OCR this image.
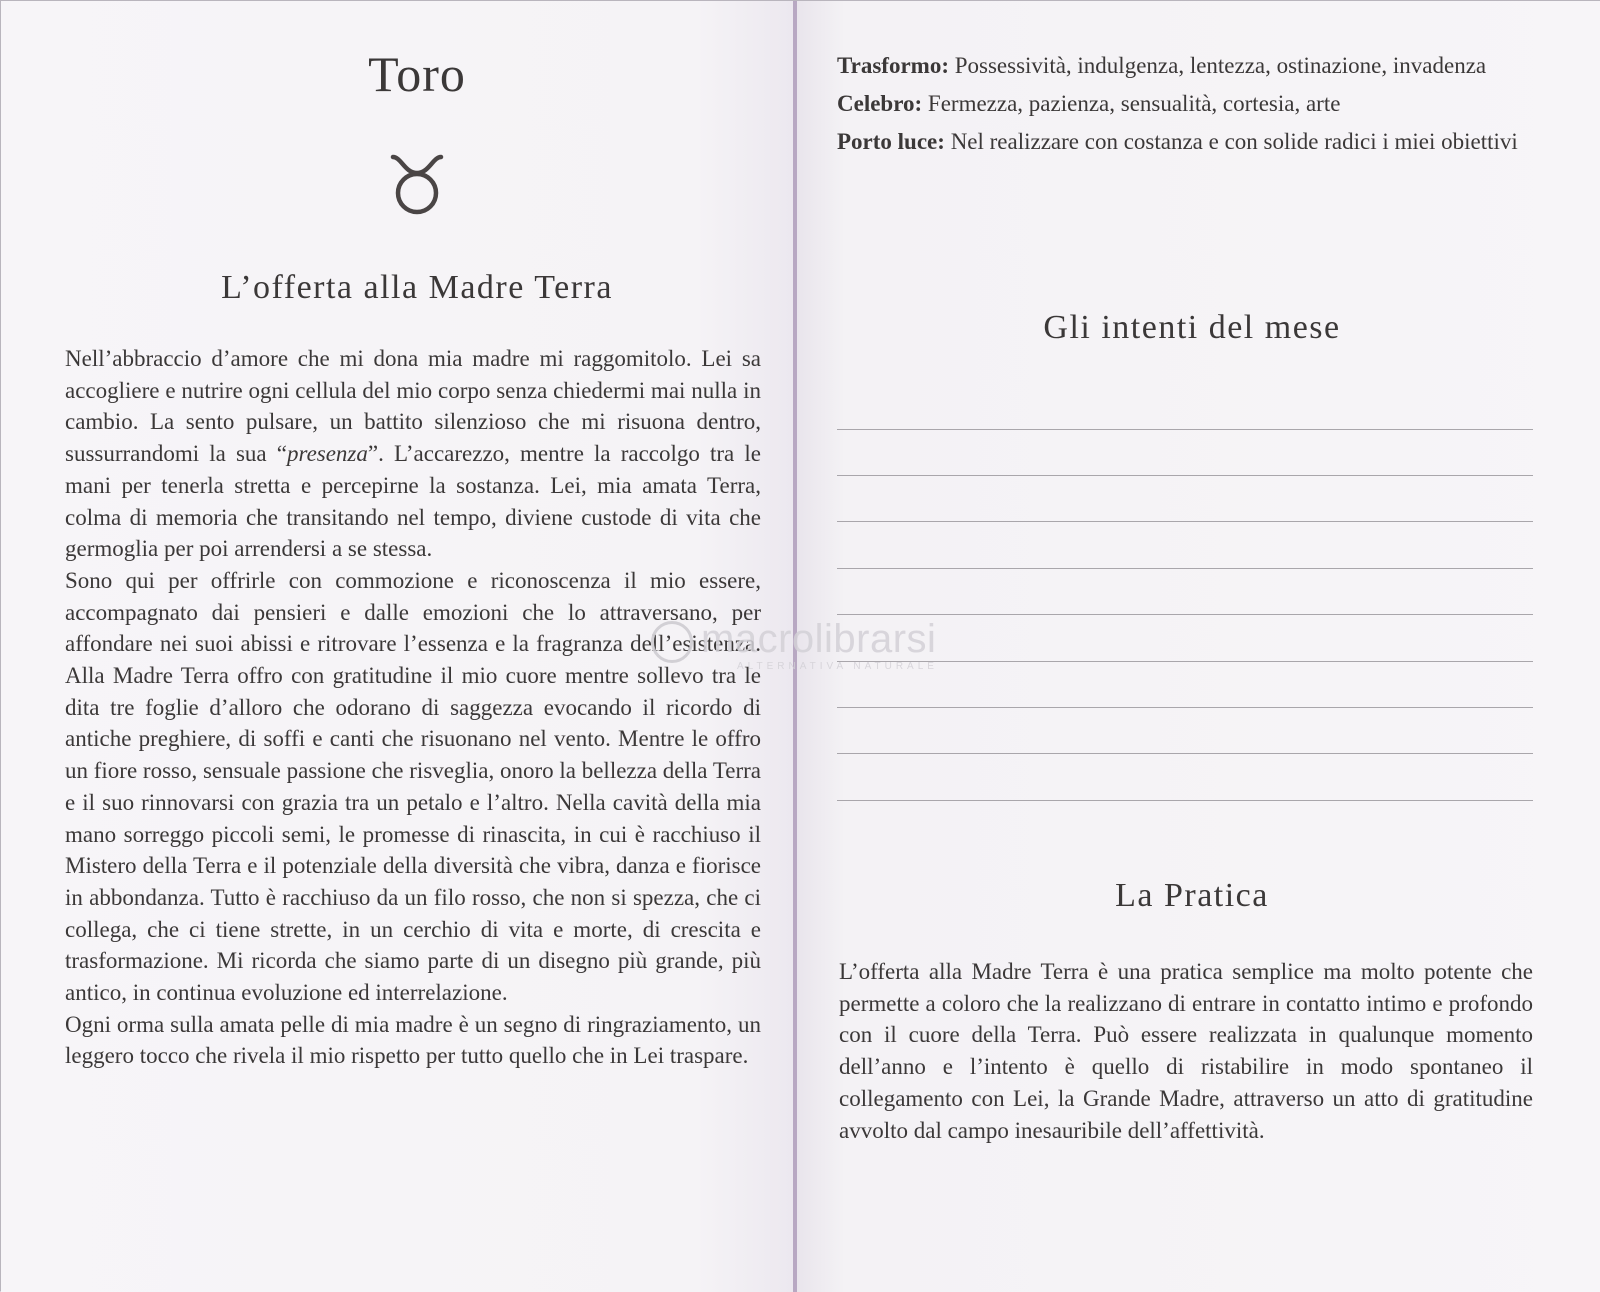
Toro
L’offerta alla Madre Terra

Nell’abbraccio d’amore che mi dona mia madre mi raggomitolo. Lei sa accogliere e nutrire ogni cellula del mio corpo senza chiedermi mai nulla in cambio. La sento pulsare, un battito silenzioso che mi risuona dentro, sussurrandomi la sua “presenza”. L’accarezzo, mentre la raccolgo tra le mani per tenerla stretta e percepirne la sostanza. Lei, mia amata Terra, colma di memoria che transitando nel tempo, diviene custode di vita che germoglia per poi arrendersi a se stessa.

Sono qui per offrirle con commozione e riconoscenza il mio essere, accompagnato dai pensieri e dalle emozioni che lo attraversano, per affondare nei suoi abissi e ritrovare l’essenza e la fragranza dell’esistenza. Alla Madre Terra offro con gratitudine il mio cuore mentre sollevo tra le dita tre foglie d’alloro che odorano di saggezza evocando il ricordo di antiche preghiere, di soffi e canti che risuonano nel vento. Mentre le offro un fiore rosso, sensuale passione che risveglia, onoro la bellezza della Terra e il suo rinnovarsi con grazia tra un petalo e l’altro. Nella cavità della mia mano sorreggo piccoli semi, le promesse di rinascita, in cui è racchiuso il Mistero della Terra e il potenziale della diversità che vibra, danza e fiorisce in abbondanza. Tutto è racchiuso da un filo rosso, che non si spezza, che ci collega, che ci tiene strette, in un cerchio di vita e morte, di crescita e trasformazione. Mi ricorda che siamo parte di un disegno più grande, più antico, in continua evoluzione ed interrelazione.

Ogni orma sulla amata pelle di mia madre è un segno di ringraziamento, un leggero tocco che rivela il mio rispetto per tutto quello che in Lei traspare.

Trasformo: Possessività, indulgenza, lentezza, ostinazione, invadenza

Celebro: Fermezza, pazienza, sensualità, cortesia, arte

Porto luce: Nel realizzare con costanza e con solide radici i miei obiettivi

Gli intenti del mese
La Pratica

L’offerta alla Madre Terra è una pratica semplice ma molto potente che permette a coloro che la realizzano di entrare in contatto intimo e profondo con il cuore della Terra. Può essere realizzata in qualunque momento dell’anno e l’intento è quello di ristabilire in modo spontaneo il collegamento con Lei, la Grande Madre, attraverso un atto di gratitudine avvolto dal campo inesauribile dell’affettività.

macrolibrarsi
ALTERNATIVA NATURALE
